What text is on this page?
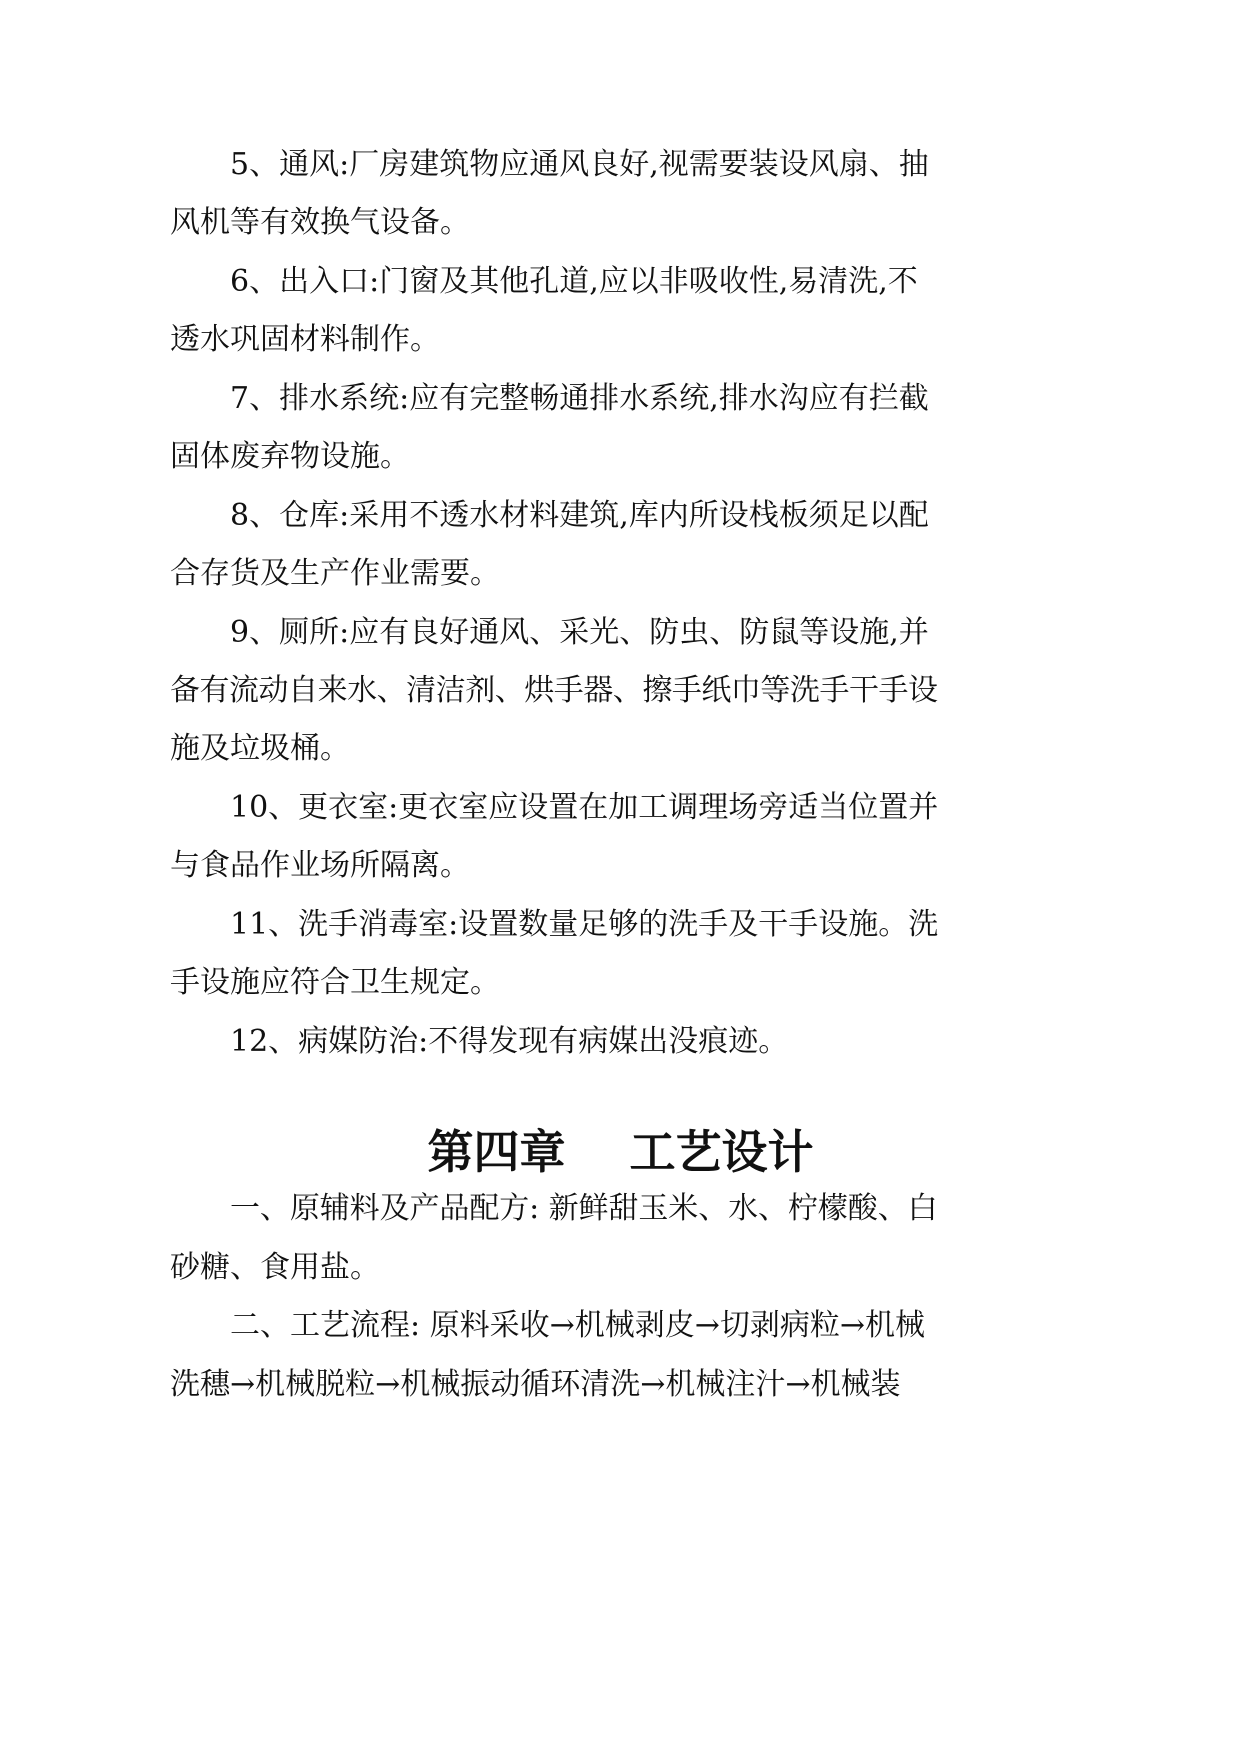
5、通风:厂房建筑物应通风良好,视需要装设风扇、抽
风机等有效换气设备。
6、出入口:门窗及其他孔道,应以非吸收性,易清洗,不
透水巩固材料制作。
7、排水系统:应有完整畅通排水系统,排水沟应有拦截
固体废弃物设施。
8、仓库:采用不透水材料建筑,库内所设栈板须足以配
合存货及生产作业需要。
9、厕所:应有良好通风、采光、防虫、防鼠等设施,并
备有流动自来水、清洁剂、烘手器、擦手纸巾等洗手干手设
施及垃圾桶。
10、更衣室:更衣室应设置在加工调理场旁适当位置并
与食品作业场所隔离。
11、洗手消毒室:设置数量足够的洗手及干手设施。洗
手设施应符合卫生规定。
12、病媒防治:不得发现有病媒出没痕迹。
第四章    工艺设计
一、原辅料及产品配方: 新鲜甜玉米、水、柠檬酸、白
砂糖、食用盐。
二、工艺流程: 原料采收→机械剥皮→切剥病粒→机械
洗穗→机械脱粒→机械振动循环清洗→机械注汁→机械装
